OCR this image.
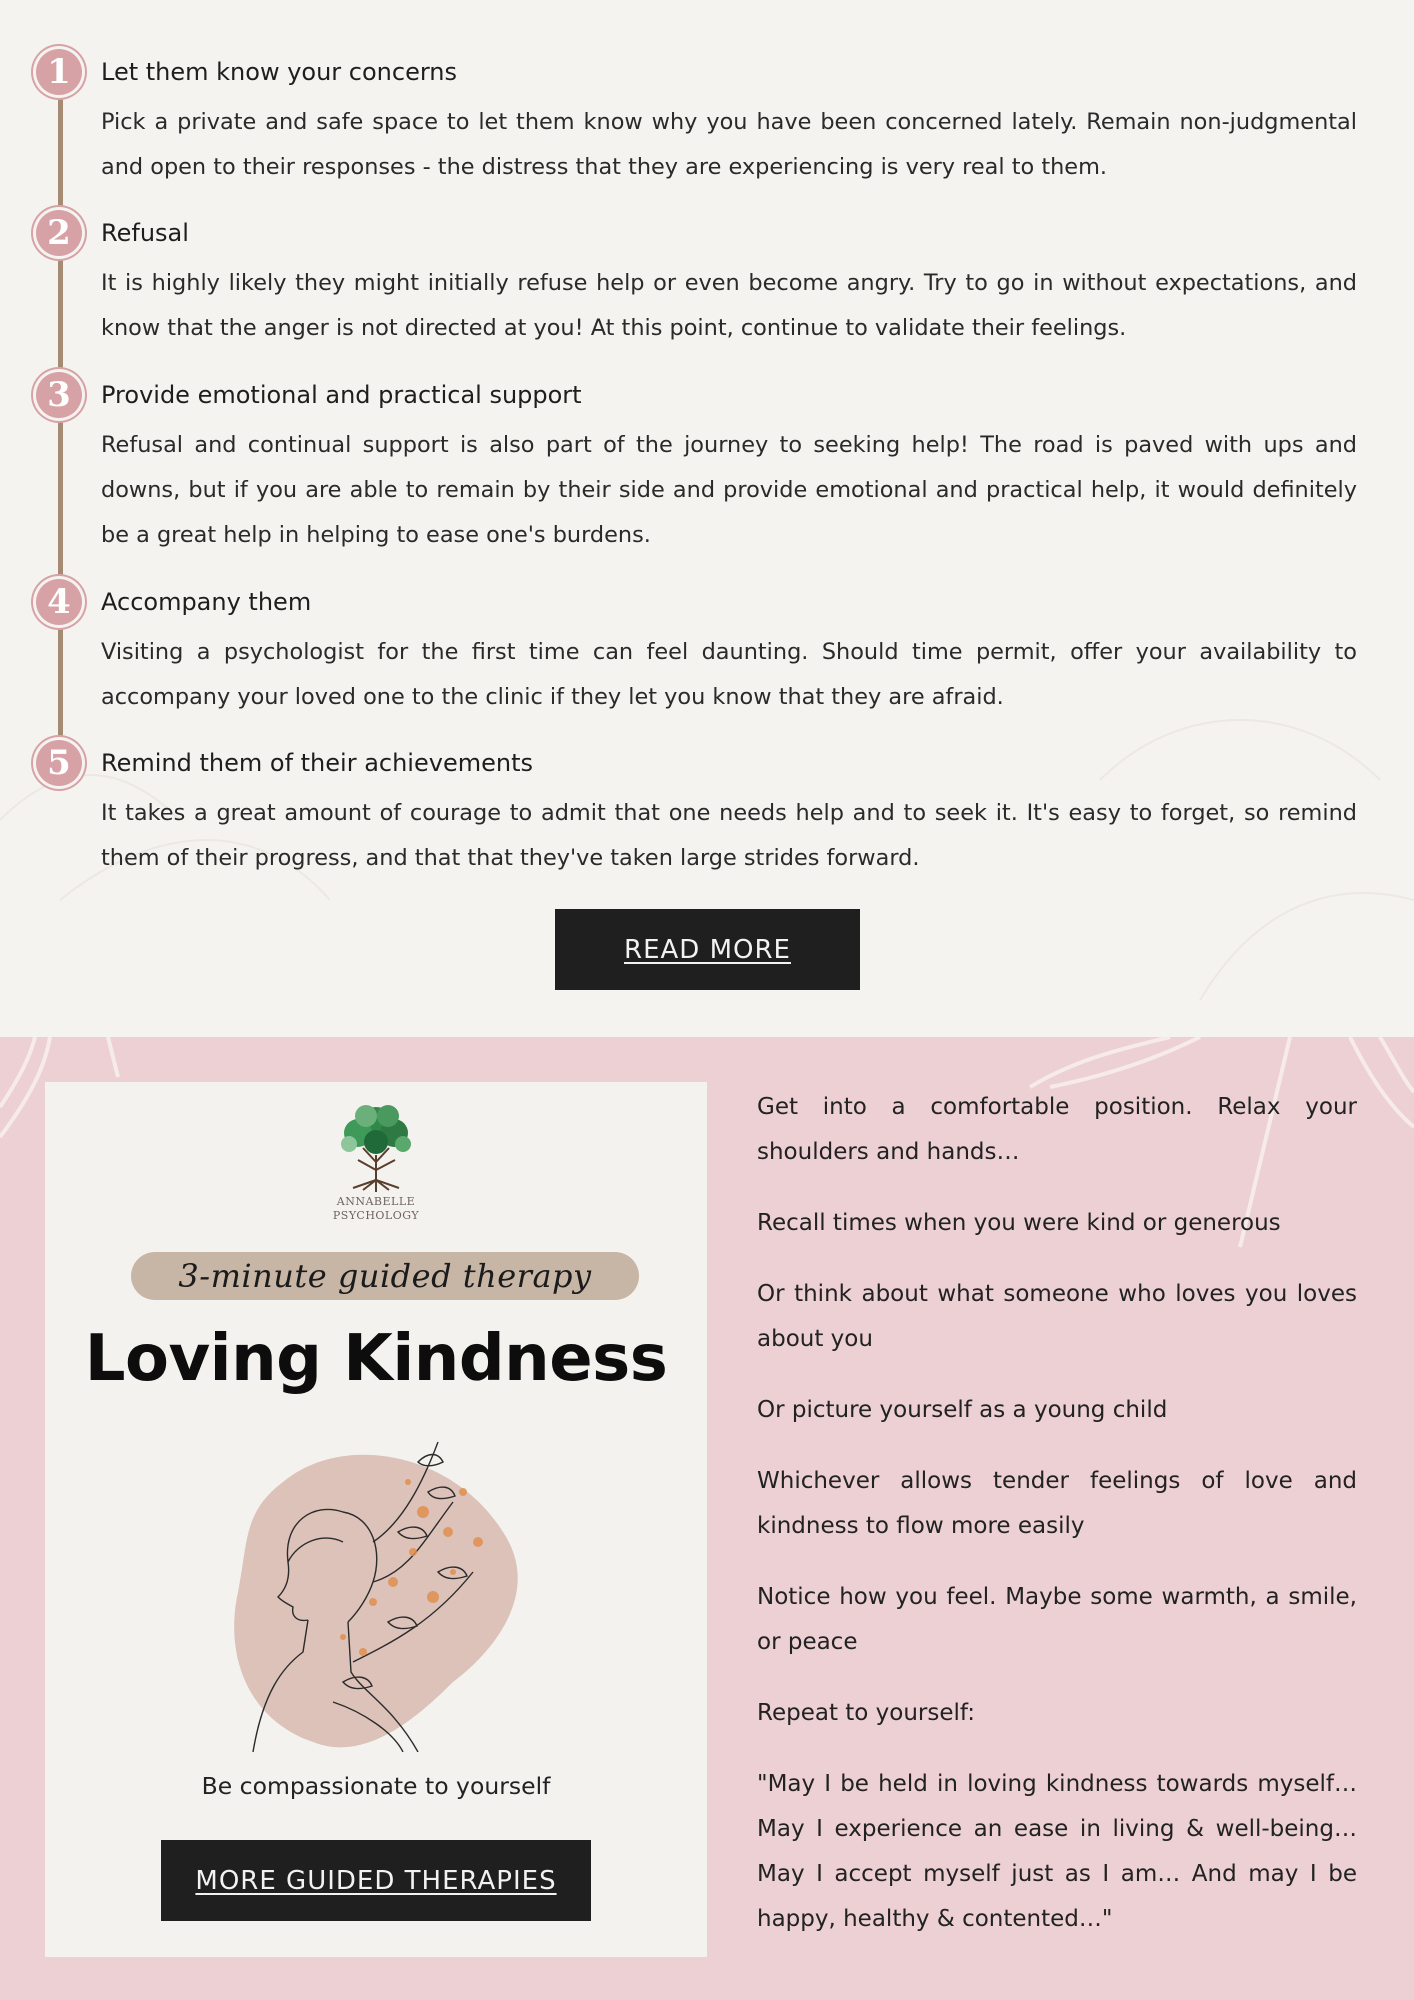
1	Let them know your concerns
Pick a private and safe space to let them know why you have been concerned lately. Remain non-judgmental and open to their responses - the distress that they are experiencing is very real to them.
2	Refusal
It is highly likely they might initially refuse help or even become angry. Try to go in without expectations, and know that the anger is not directed at you! At this point, continue to validate their feelings.
3	Provide emotional and practical support
Refusal and continual support is also part of the journey to seeking help! The road is paved with ups and downs, but if you are able to remain by their side and provide emotional and practical help, it would definitely be a great help in helping to ease one's burdens.
4	Accompany them
Visiting a psychologist for the first time can feel daunting. Should time permit, offer your availability to accompany your loved one to the clinic if they let you know that they are afraid.
5	Remind them of their achievements
It takes a great amount of courage to admit that one needs help and to seek it. It's easy to forget, so remind them of their progress, and that that they've taken large strides forward.
READ MORE
ANNABELLE
PSYCHOLOGY
3-minute guided therapy
Loving Kindness
Be compassionate to yourself
MORE GUIDED THERAPIES

Get into a comfortable position. Relax your shoulders and hands…

Recall times when you were kind or generous

Or think about what someone who loves you loves about you

Or picture yourself as a young child

Whichever allows tender feelings of love and kindness to flow more easily

Notice how you feel. Maybe some warmth, a smile, or peace

Repeat to yourself:

"May I be held in loving kindness towards myself…
May I experience an ease in living & well-being…
May I accept myself just as I am… And may I be
happy, healthy & contented…"
